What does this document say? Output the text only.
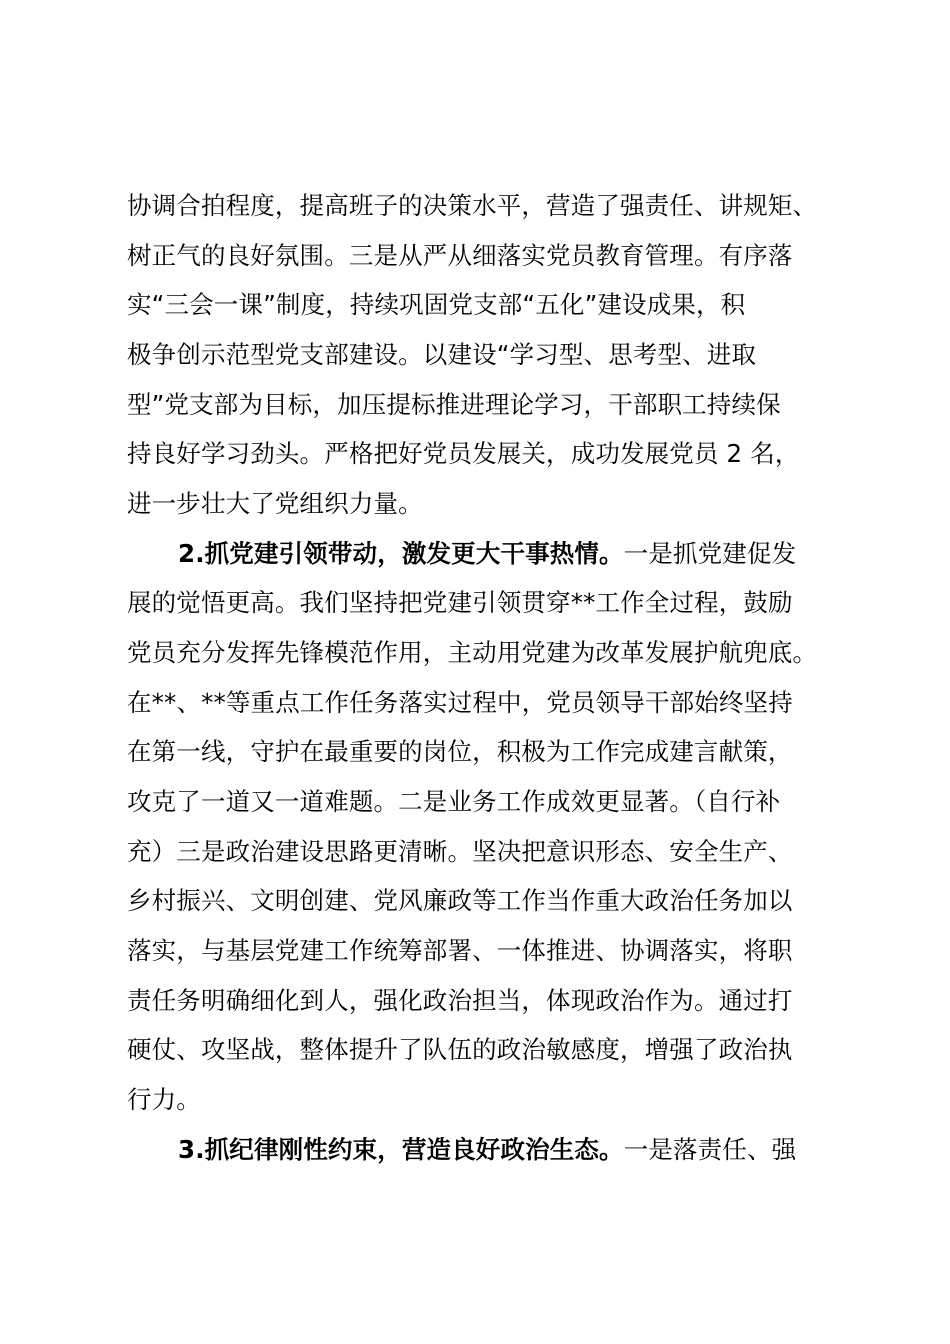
协调合拍程度，提高班子的决策水平，营造了强责任、讲规矩、
树正气的良好氛围。三是从严从细落实党员教育管理。有序落
实“三会一课”制度，持续巩固党支部“五化”建设成果，积
极争创示范型党支部建设。以建设“学习型、思考型、进取
型”党支部为目标，加压提标推进理论学习，干部职工持续保
持良好学习劲头。严格把好党员发展关，成功发展党员 2 名，
进一步壮大了党组织力量。
2.抓党建引领带动，激发更大干事热情。一是抓党建促发
展的觉悟更高。我们坚持把党建引领贯穿**工作全过程，鼓励
党员充分发挥先锋模范作用，主动用党建为改革发展护航兜底。
在**、**等重点工作任务落实过程中，党员领导干部始终坚持
在第一线，守护在最重要的岗位，积极为工作完成建言献策，
攻克了一道又一道难题。二是业务工作成效更显著。（自行补
充）三是政治建设思路更清晰。坚决把意识形态、安全生产、
乡村振兴、文明创建、党风廉政等工作当作重大政治任务加以
落实，与基层党建工作统筹部署、一体推进、协调落实，将职
责任务明确细化到人，强化政治担当，体现政治作为。通过打
硬仗、攻坚战，整体提升了队伍的政治敏感度，增强了政治执
行力。
3.抓纪律刚性约束，营造良好政治生态。一是落责任、强
